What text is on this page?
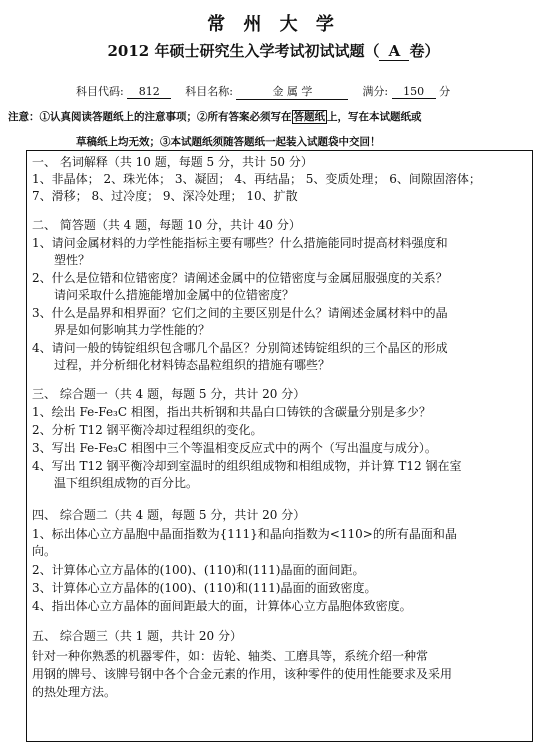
常 州 大 学
2012 年硕士研究生入学考试初试试题（ A 卷）
科目代码: 812 科目名称:	金 属 学	满分: 150 分
注意：①认真阅读答题纸上的注意事项；②所有答案必须写在 答题纸 上，写在本试题纸或
草稿纸上均无效；③本试题纸须随答题纸一起装入试题袋中交回！
一、 名词解释（共 10 题，每题 5 分，共计 50 分）
1、非晶体； 2、珠光体； 3、凝固； 4、再结晶； 5、变质处理； 6、间隙固溶体；
7、滑移； 8、过冷度； 9、深冷处理； 10、扩散
二、 简答题（共 4 题，每题 10 分，共计 40 分）
1、请问金属材料的力学性能指标主要有哪些？什么措施能同时提高材料强度和
塑性？
2、什么是位错和位错密度？请阐述金属中的位错密度与金属屈服强度的关系？
请问采取什么措施能增加金属中的位错密度？
3、什么是晶界和相界面？它们之间的主要区别是什么？请阐述金属材料中的晶
界是如何影响其力学性能的？
4、请问一般的铸锭组织包含哪几个晶区？分别简述铸锭组织的三个晶区的形成
过程，并分析细化材料铸态晶粒组织的措施有哪些？
三、 综合题一（共 4 题，每题 5 分，共计 20 分）
1、绘出 Fe-Fe₃C 相图，指出共析钢和共晶白口铸铁的含碳量分别是多少？
2、分析 T12 钢平衡冷却过程组织的变化。
3、写出 Fe-Fe₃C 相图中三个等温相变反应式中的两个（写出温度与成分）。
4、写出 T12 钢平衡冷却到室温时的组织组成物和相组成物，并计算 T12 钢在室
温下组织组成物的百分比。
四、 综合题二（共 4 题，每题 5 分，共计 20 分）
1、标出体心立方晶胞中晶面指数为{111}和晶向指数为<110>的所有晶面和晶
向。
2、计算体心立方晶体的(100)、(110)和(111)晶面的面间距。
3、计算体心立方晶体的(100)、(110)和(111)晶面的面致密度。
4、指出体心立方晶体的面间距最大的面，计算体心立方晶胞体致密度。
五、 综合题三（共 1 题，共计 20 分）
针对一种你熟悉的机器零件，如：齿轮、轴类、工磨具等，系统介绍一种常
用钢的牌号、该牌号钢中各个合金元素的作用，该种零件的使用性能要求及采用
的热处理方法。
